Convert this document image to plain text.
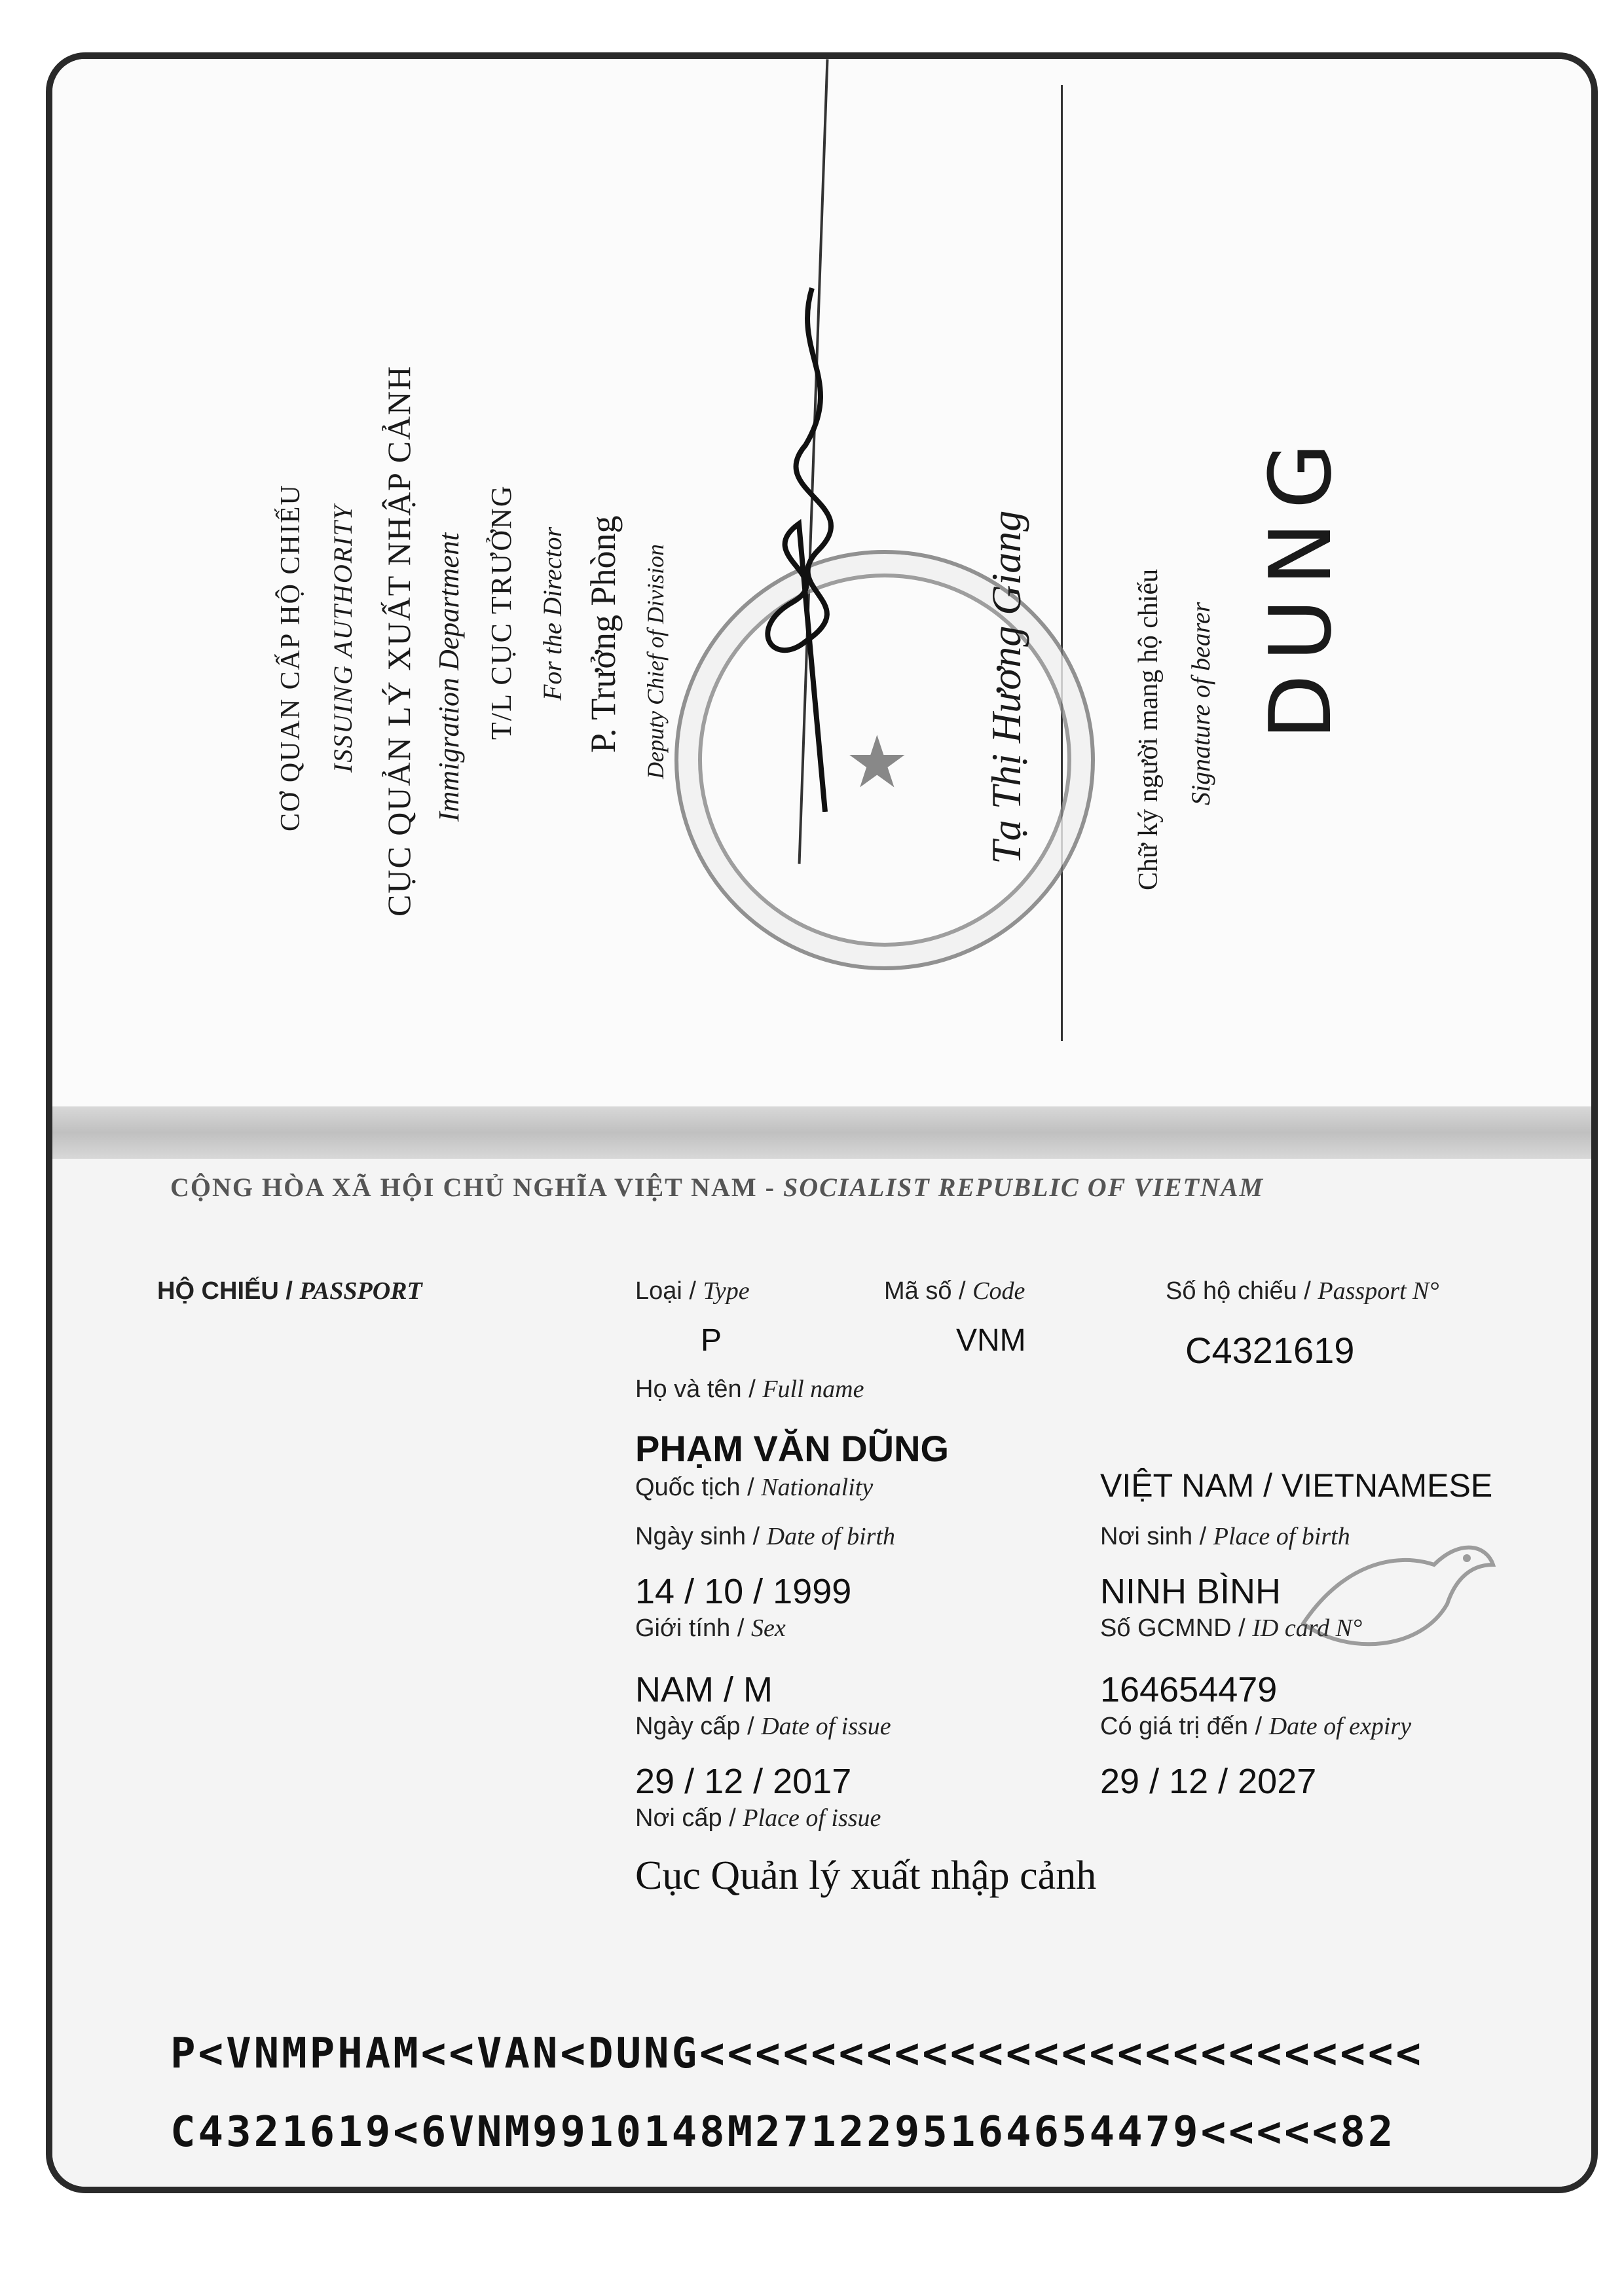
CƠ QUAN CẤP HỘ CHIẾU ISSUING AUTHORITY CỤC QUẢN LÝ XUẤT NHẬP CẢNH Immigration Department T/L CỤC TRƯỞNG For the Director P. Trưởng Phòng Deputy Chief of Division ★ Tạ Thị Hương Giang	Chữ ký người mang hộ chiếu Signature of bearer DUNG
CỘNG HÒA XÃ HỘI CHỦ NGHĨA VIỆT NAM - SOCIALIST REPUBLIC OF VIETNAM
HỘ CHIẾU / PASSPORT	Loại / Type
P
Mã số / Code
VNM
Số hộ chiếu / Passport N°
C4321619
Họ và tên / Full name
PHẠM VĂN DŨNG
Quốc tịch / Nationality	VIỆT NAM / VIETNAMESE
Ngày sinh / Date of birth
14 / 10 / 1999
Nơi sinh / Place of birth
NINH BÌNH
Giới tính / Sex
NAM / M
Số GCMND / ID card N°
164654479
Ngày cấp / Date of issue
29 / 12 / 2017
Có giá trị đến / Date of expiry
29 / 12 / 2027
Nơi cấp / Place of issue
Cục Quản lý xuất nhập cảnh
P<VNMPHAM<<VAN<DUNG<<<<<<<<<<<<<<<<<<<<<<<<<<
C4321619<6VNM9910148M2712295164654479<<<<<82
